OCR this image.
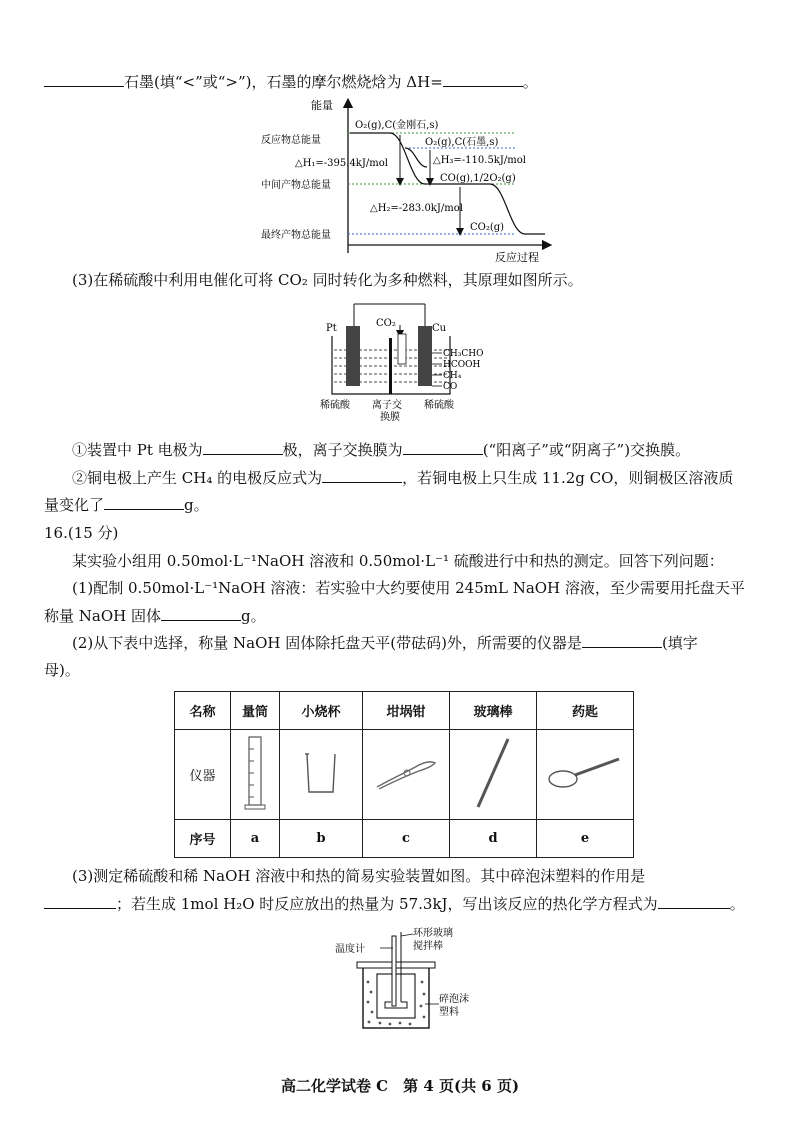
石墨(填“<”或“>”)，石墨的摩尔燃烧焓为 ΔH=	。
能量
反应过程
反应物总能量
中间产物总能量
最终产物总能量
O₂(g),C(金刚石,s)
O₂(g),C(石墨,s)
CO(g),1/2O₂(g)
CO₂(g)
△H₁=-395.4kJ/mol	△H₃=-110.5kJ/mol
△H₂=-283.0kJ/mol
(3)在稀硫酸中利用电催化可将 CO₂ 同时转化为多种燃料，其原理如图所示。
Pt	Cu
CO₂
CH₃CHO
HCOOH
CH₄
CO
稀硫酸 离子交
换膜
稀硫酸
①装置中 Pt 电极为	极，离子交换膜为	(“阳离子”或“阴离子”)交换膜。
②铜电极上产生 CH₄ 的电极反应式为	，若铜电极上只生成 11.2g CO，则铜极区溶液质
量变化了	g。
16.(15 分)
某实验小组用 0.50mol·L⁻¹NaOH 溶液和 0.50mol·L⁻¹ 硫酸进行中和热的测定。回答下列问题：
(1)配制 0.50mol·L⁻¹NaOH 溶液：若实验中大约要使用 245mL NaOH 溶液，至少需要用托盘天平
称量 NaOH 固体	g。
(2)从下表中选择，称量 NaOH 固体除托盘天平(带砝码)外，所需要的仪器是	(填字
母)。
名称	量筒	小烧杯	坩埚钳	玻璃棒	药匙
仪器					
序号	a	b	c	d	e
(3)测定稀硫酸和稀 NaOH 溶液中和热的简易实验装置如图。其中碎泡沫塑料的作用是
；若生成 1mol H₂O 时反应放出的热量为 57.3kJ，写出该反应的热化学方程式为	。
温度计
环形玻璃
搅拌棒
碎泡沫
塑料
高二化学试卷 C　第 4 页(共 6 页)
